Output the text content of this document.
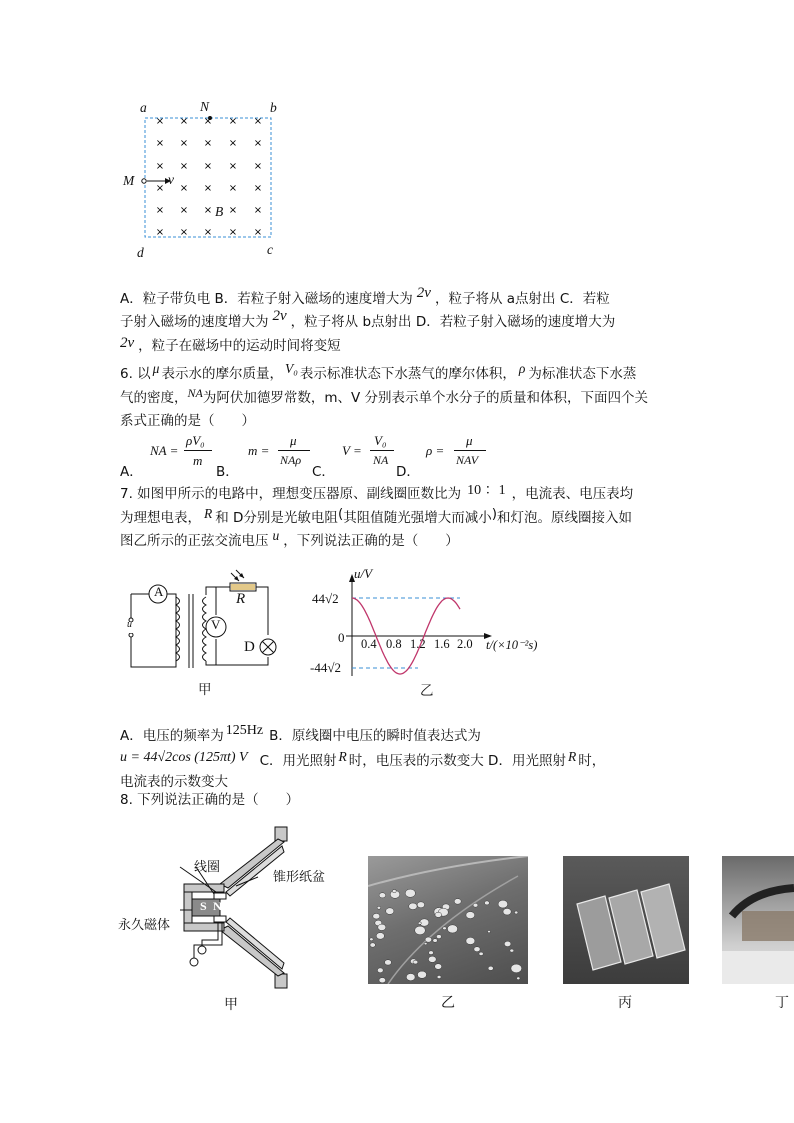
× × × × ×
× × × × ×
× × × × ×
× × × × ×
× × × × ×
× × × × ×
a	b
c
d
N
M	v
B
A．粒子带负电 B．若粒子射入磁场的速度增大为 2v ，粒子将从 a点射出 C．若粒
子射入磁场的速度增大为 2v ，粒子将从 b点射出 D．若粒子射入磁场的速度增大为
2v ，粒子在磁场中的运动时间将变短
6. 以 μ 表示水的摩尔质量， V₀ 表示标准状态下水蒸气的摩尔体积， ρ 为标准状态下水蒸
气的密度，NA为阿伏加德罗常数，m、V 分别表示单个水分子的质量和体积，下面四个关
系式正确的是（　　）
A．
NA =
ρV₀
m
B．
m =
μ
NAρ
C．
V =
V₀
NA
D．
ρ =
μ
NAV
7. 如图甲所示的电路中，理想变压器原、副线圈匝数比为 10 ：1 ，电流表、电压表均
为理想电表， R 和 D分别是光敏电阻(其阻值随光强增大而减小)和灯泡。原线圈接入如
图乙所示的正弦交流电压 u ，下列说法正确的是（　　）
A
V
R
D
u
甲
u/V
44√2
-44√2
0 0.4 0.8 1.2 1.6 2.0 t/(×10⁻²s)
乙
A．电压的频率为 125Hz B．原线圈中电压的瞬时值表达式为
u = 44√2cos (125πt) V C．用光照射 R 时，电压表的示数变大 D．用光照射 R 时，
电流表的示数变大
8. 下列说法正确的是（　　）
线圈
锥形纸盆
永久磁体
S N
甲	乙	丙	丁
